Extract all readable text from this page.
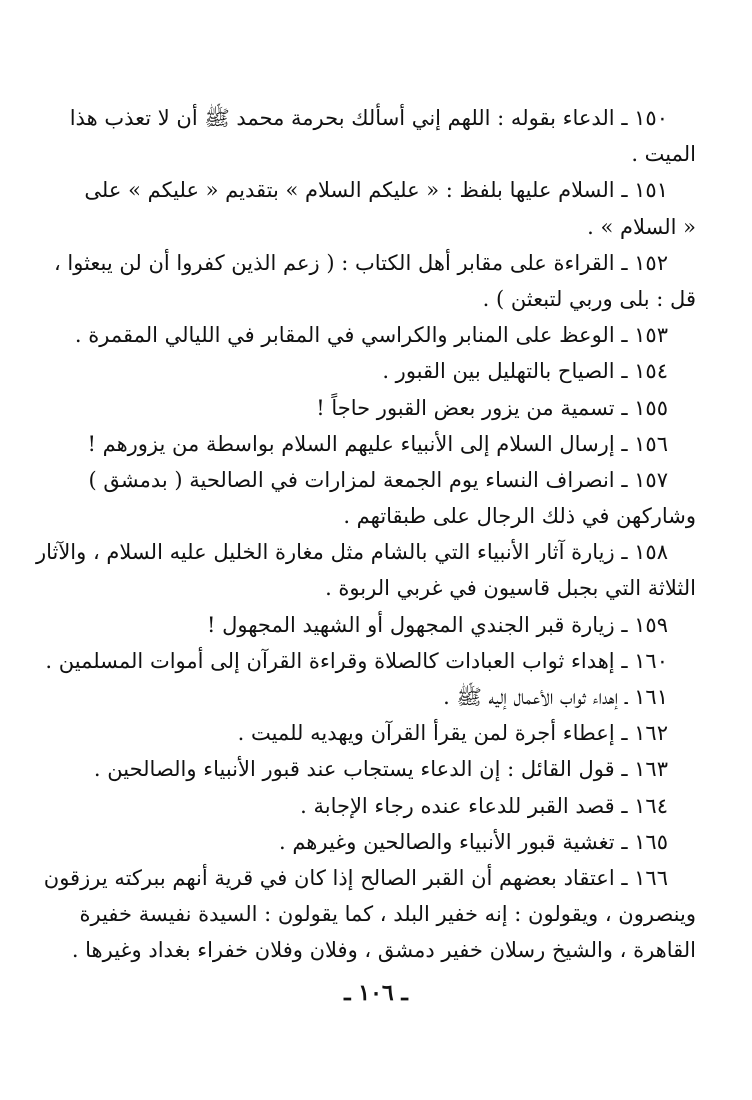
١٥٠ ـ الدعاء بقوله : اللهم إني أسألك بحرمة محمد ﷺ أن لا تعذب هذا
الميت .
١٥١ ـ السلام عليها بلفظ : « عليكم السلام » بتقديم « عليكم » على
« السلام » .
١٥٢ ـ القراءة على مقابر أهل الكتاب : ( زعم الذين كفروا أن لن يبعثوا ،
قل : بلى وربي لتبعثن ) .
١٥٣ ـ الوعظ على المنابر والكراسي في المقابر في الليالي المقمرة .
١٥٤ ـ الصياح بالتهليل بين القبور .
١٥٥ ـ تسمية من يزور بعض القبور حاجاً !
١٥٦ ـ إرسال السلام إلى الأنبياء عليهم السلام بواسطة من يزورهم !
١٥٧ ـ انصراف النساء يوم الجمعة لمزارات في الصالحية ( بدمشق )
وشاركهن في ذلك الرجال على طبقاتهم .
١٥٨ ـ زيارة آثار الأنبياء التي بالشام مثل مغارة الخليل عليه السلام ، والآثار
الثلاثة التي بجبل قاسيون في غربي الربوة .
١٥٩ ـ زيارة قبر الجندي المجهول أو الشهيد المجهول !
١٦٠ ـ إهداء ثواب العبادات كالصلاة وقراءة القرآن إلى أموات المسلمين .
١٦١ ـ إهداء ثواب الأعمال إليه ﷺ .
١٦٢ ـ إعطاء أجرة لمن يقرأ القرآن ويهديه للميت .
١٦٣ ـ قول القائل : إن الدعاء يستجاب عند قبور الأنبياء والصالحين .
١٦٤ ـ قصد القبر للدعاء عنده رجاء الإجابة .
١٦٥ ـ تغشية قبور الأنبياء والصالحين وغيرهم .
١٦٦ ـ اعتقاد بعضهم أن القبر الصالح إذا كان في قرية أنهم ببركته يرزقون
وينصرون ، ويقولون : إنه خفير البلد ، كما يقولون : السيدة نفيسة خفيرة
القاهرة ، والشيخ رسلان خفير دمشق ، وفلان وفلان خفراء بغداد وغيرها .
ـ ١٠٦ ـ
